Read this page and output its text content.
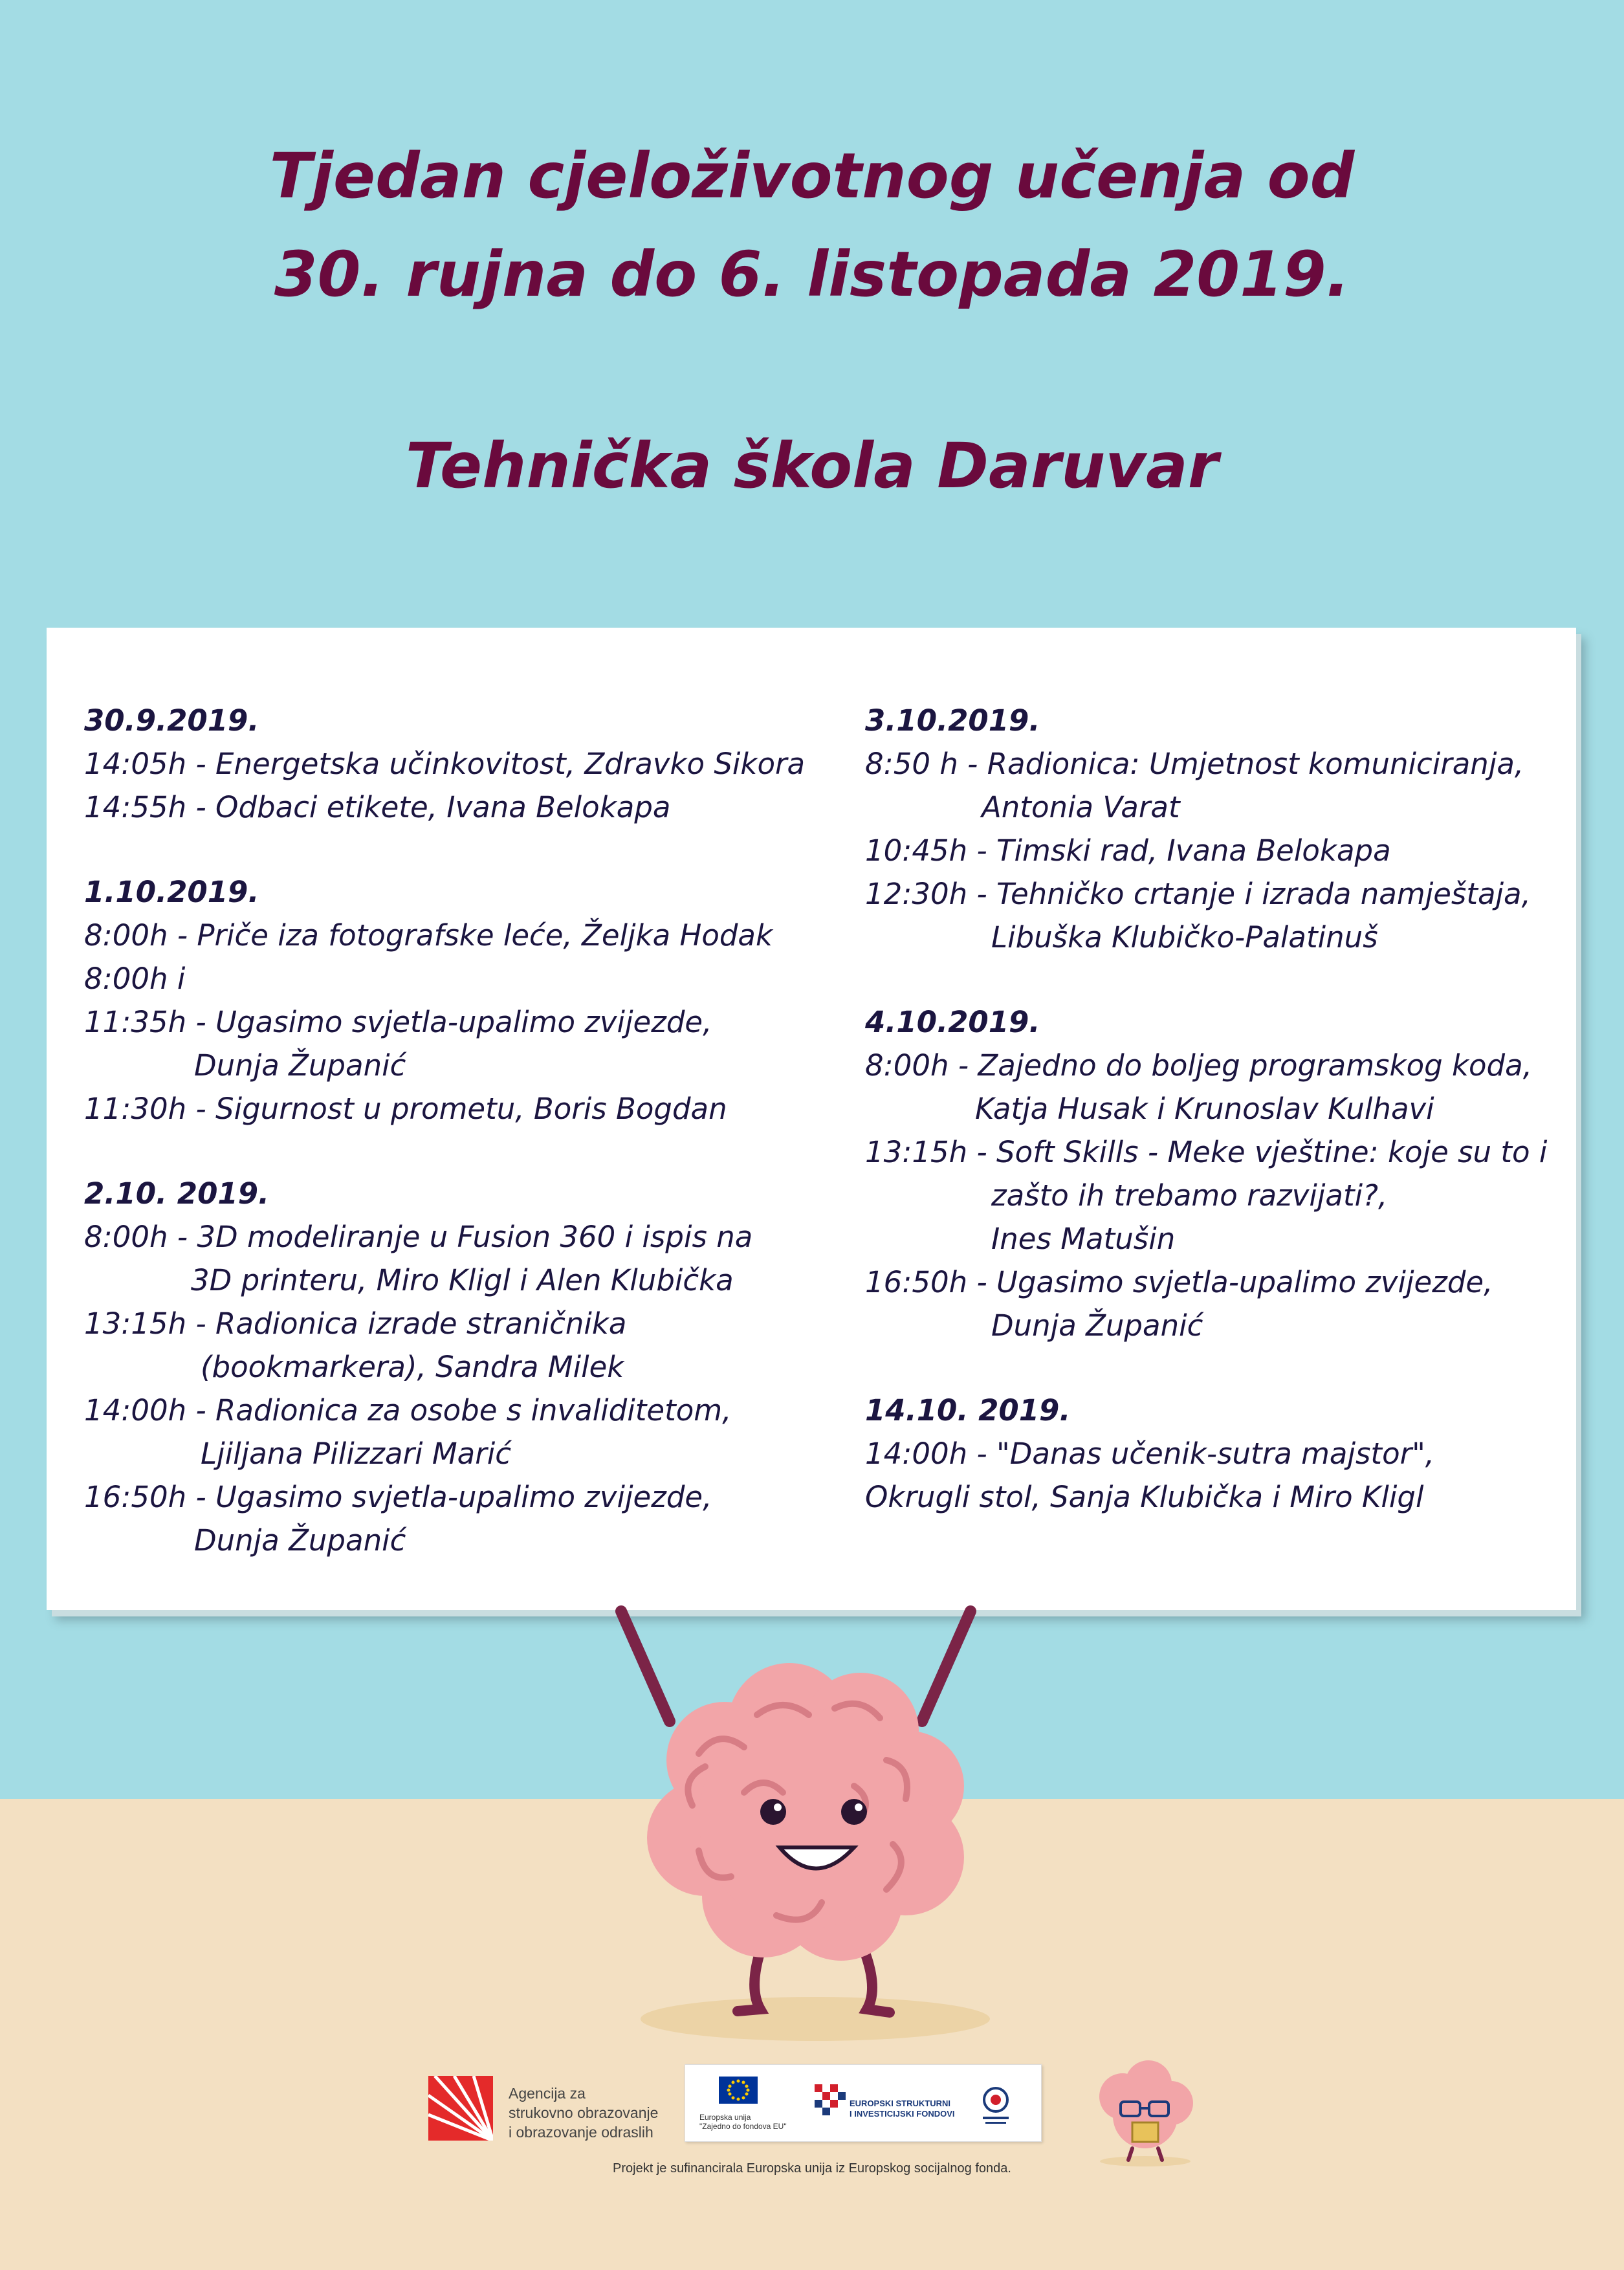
Tjedan cjeloživotnog učenja od
30. rujna do 6. listopada 2019.
Tehnička škola Daruvar
30.9.2019.
14:05h - Energetska učinkovitost, Zdravko Sikora
14:55h - Odbaci etikete, Ivana Belokapa
1.10.2019.
8:00h - Priče iza fotografske leće, Željka Hodak
8:00h i
11:35h - Ugasimo svjetla-upalimo zvijezde,
Dunja Županić
11:30h - Sigurnost u prometu, Boris Bogdan
2.10. 2019.
8:00h - 3D modeliranje u Fusion 360 i ispis na
3D printeru, Miro Kligl i Alen Klubička
13:15h - Radionica izrade straničnika
(bookmarkera), Sandra Milek
14:00h - Radionica za osobe s invaliditetom,
Ljiljana Pilizzari Marić
16:50h - Ugasimo svjetla-upalimo zvijezde,
Dunja Županić
3.10.2019.
8:50 h - Radionica: Umjetnost komuniciranja,
Antonia Varat
10:45h - Timski rad, Ivana Belokapa
12:30h - Tehničko crtanje i izrada namještaja,
Libuška Klubičko-Palatinuš
4.10.2019.
8:00h - Zajedno do boljeg programskog koda,
Katja Husak i Krunoslav Kulhavi
13:15h - Soft Skills - Meke vještine: koje su to i
zašto ih trebamo razvijati?,
Ines Matušin
16:50h - Ugasimo svjetla-upalimo zvijezde,
Dunja Županić
14.10. 2019.
14:00h - "Danas učenik-sutra majstor",
Okrugli stol, Sanja Klubička i Miro Kligl
Agencija za
strukovno obrazovanje
i obrazovanje odraslih
Europska unija
"Zajedno do fondova EU"
EUROPSKI STRUKTURNI
I INVESTICIJSKI FONDOVI
Projekt je sufinancirala Europska unija iz Europskog socijalnog fonda.
